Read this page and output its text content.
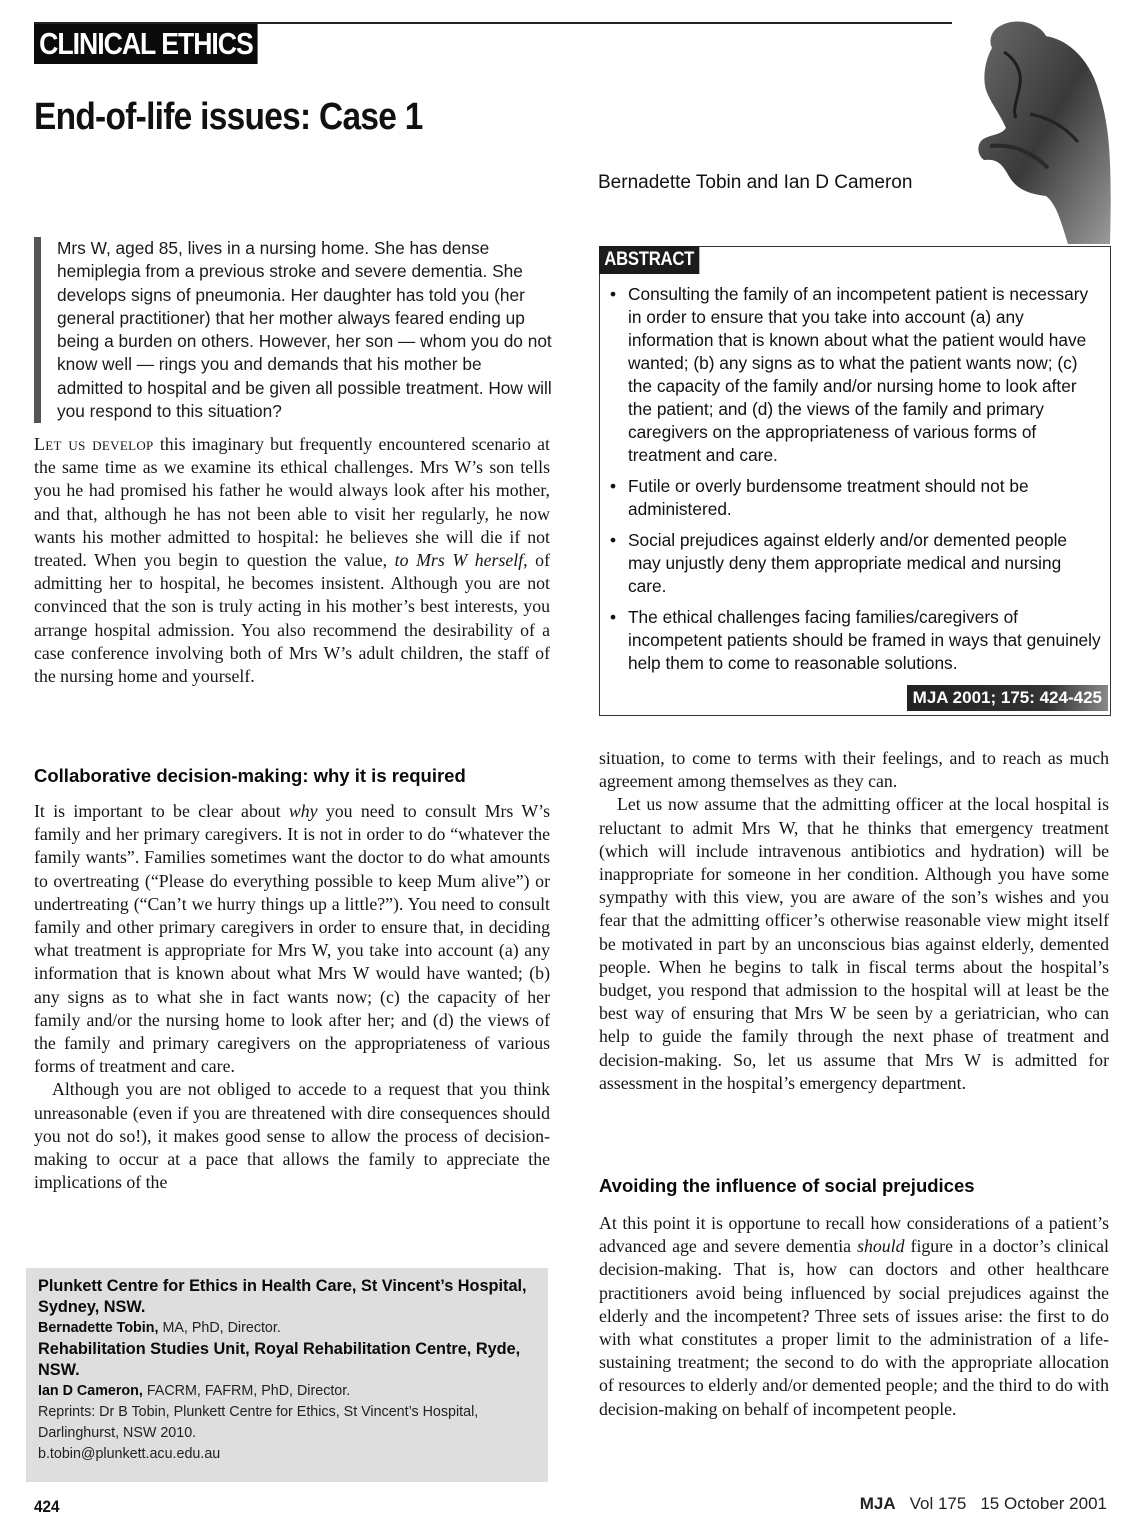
CLINICAL ETHICS
End-of-life issues: Case 1
Bernadette Tobin and Ian D Cameron
Mrs W, aged 85, lives in a nursing home. She has dense hemiplegia from a previous stroke and severe dementia. She develops signs of pneumonia. Her daughter has told you (her general practitioner) that her mother always feared ending up being a burden on others. However, her son — whom you do not know well — rings you and demands that his mother be admitted to hospital and be given all possible treatment. How will you respond to this situation?
ABSTRACT
• Consulting the family of an incompetent patient is necessary in order to ensure that you take into account (a) any information that is known about what the patient would have wanted; (b) any signs as to what the patient wants now; (c) the capacity of the family and/or nursing home to look after the patient; and (d) the views of the family and primary caregivers on the appropriateness of various forms of treatment and care.
• Futile or overly burdensome treatment should not be administered.
• Social prejudices against elderly and/or demented people may unjustly deny them appropriate medical and nursing care.
• The ethical challenges facing families/caregivers of incompetent patients should be framed in ways that genuinely help them to come to reasonable solutions.
MJA 2001; 175: 424-425

Let us develop this imaginary but frequently encountered scenario at the same time as we examine its ethical challenges. Mrs W’s son tells you he had promised his father he would always look after his mother, and that, although he has not been able to visit her regularly, he now wants his mother admitted to hospital: he believes she will die if not treated. When you begin to question the value, to Mrs W herself, of admitting her to hospital, he becomes insistent. Although you are not convinced that the son is truly acting in his mother’s best interests, you arrange hospital admission. You also recommend the desirability of a case conference involving both of Mrs W’s adult children, the staff of the nursing home and yourself.

Collaborative decision-making: why it is required

It is important to be clear about why you need to consult Mrs W’s family and her primary caregivers. It is not in order to do “whatever the family wants”. Families sometimes want the doctor to do what amounts to overtreating (“Please do everything possible to keep Mum alive”) or undertreating (“Can’t we hurry things up a little?”). You need to consult family and other primary caregivers in order to ensure that, in deciding what treatment is appropriate for Mrs W, you take into account (a) any information that is known about what Mrs W would have wanted; (b) any signs as to what she in fact wants now; (c) the capacity of her family and/or the nursing home to look after her; and (d) the views of the family and primary caregivers on the appropriateness of various forms of treatment and care.

Although you are not obliged to accede to a request that you think unreasonable (even if you are threatened with dire consequences should you not do so!), it makes good sense to allow the process of decision-making to occur at a pace that allows the family to appreciate the implications of the

situation, to come to terms with their feelings, and to reach as much agreement among themselves as they can.

Let us now assume that the admitting officer at the local hospital is reluctant to admit Mrs W, that he thinks that emergency treatment (which will include intravenous antibiotics and hydration) will be inappropriate for someone in her condition. Although you have some sympathy with this view, you are aware of the son’s wishes and you fear that the admitting officer’s otherwise reasonable view might itself be motivated in part by an unconscious bias against elderly, demented people. When he begins to talk in fiscal terms about the hospital’s budget, you respond that admission to the hospital will at least be the best way of ensuring that Mrs W be seen by a geriatrician, who can help to guide the family through the next phase of treatment and decision-making. So, let us assume that Mrs W is admitted for assessment in the hospital’s emergency department.

Avoiding the influence of social prejudices

At this point it is opportune to recall how considerations of a patient’s advanced age and severe dementia should figure in a doctor’s clinical decision-making. That is, how can doctors and other healthcare practitioners avoid being influenced by social prejudices against the elderly and the incompetent? Three sets of issues arise: the first to do with what constitutes a proper limit to the administration of a life-sustaining treatment; the second to do with the appropriate allocation of resources to elderly and/or demented people; and the third to do with decision-making on behalf of incompetent people.

Plunkett Centre for Ethics in Health Care, St Vincent’s Hospital, Sydney, NSW.
Bernadette Tobin, MA, PhD, Director.
Rehabilitation Studies Unit, Royal Rehabilitation Centre, Ryde, NSW.
Ian D Cameron, FACRM, FAFRM, PhD, Director.
Reprints: Dr B Tobin, Plunkett Centre for Ethics, St Vincent’s Hospital, Darlinghurst, NSW 2010.
b.tobin@plunkett.acu.edu.au
424	MJA Vol 175 15 October 2001
